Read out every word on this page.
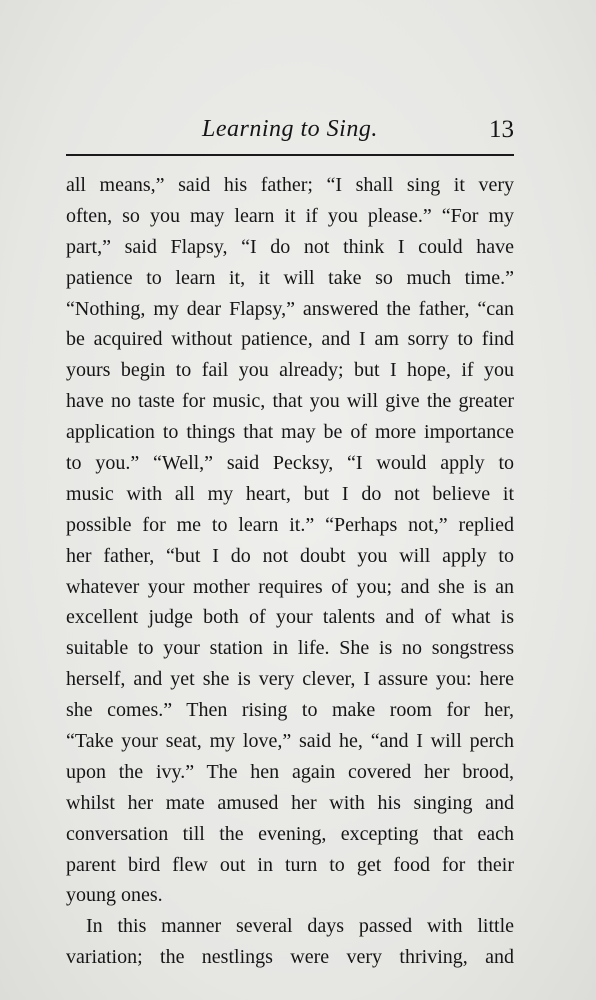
Learning to Sing.	13
all means,” said his father; “I shall sing it very
often, so you may learn it if you please.” “For my
part,” said Flapsy, “I do not think I could have
patience to learn it, it will take so much time.”
“Nothing, my dear Flapsy,” answered the father, “can
be acquired without patience, and I am sorry to find
yours begin to fail you already; but I hope, if you
have no taste for music, that you will give the greater
application to things that may be of more importance
to you.” “Well,” said Pecksy, “I would apply to
music with all my heart, but I do not believe it
possible for me to learn it.” “Perhaps not,” replied
her father, “but I do not doubt you will apply to
whatever your mother requires of you; and she is an
excellent judge both of your talents and of what is
suitable to your station in life. She is no songstress
herself, and yet she is very clever, I assure you: here
she comes.” Then rising to make room for her,
“Take your seat, my love,” said he, “and I will perch
upon the ivy.” The hen again covered her brood,
whilst her mate amused her with his singing and
conversation till the evening, excepting that each
parent bird flew out in turn to get food for their
young ones.
In this manner several days passed with little
variation; the nestlings were very thriving, and
